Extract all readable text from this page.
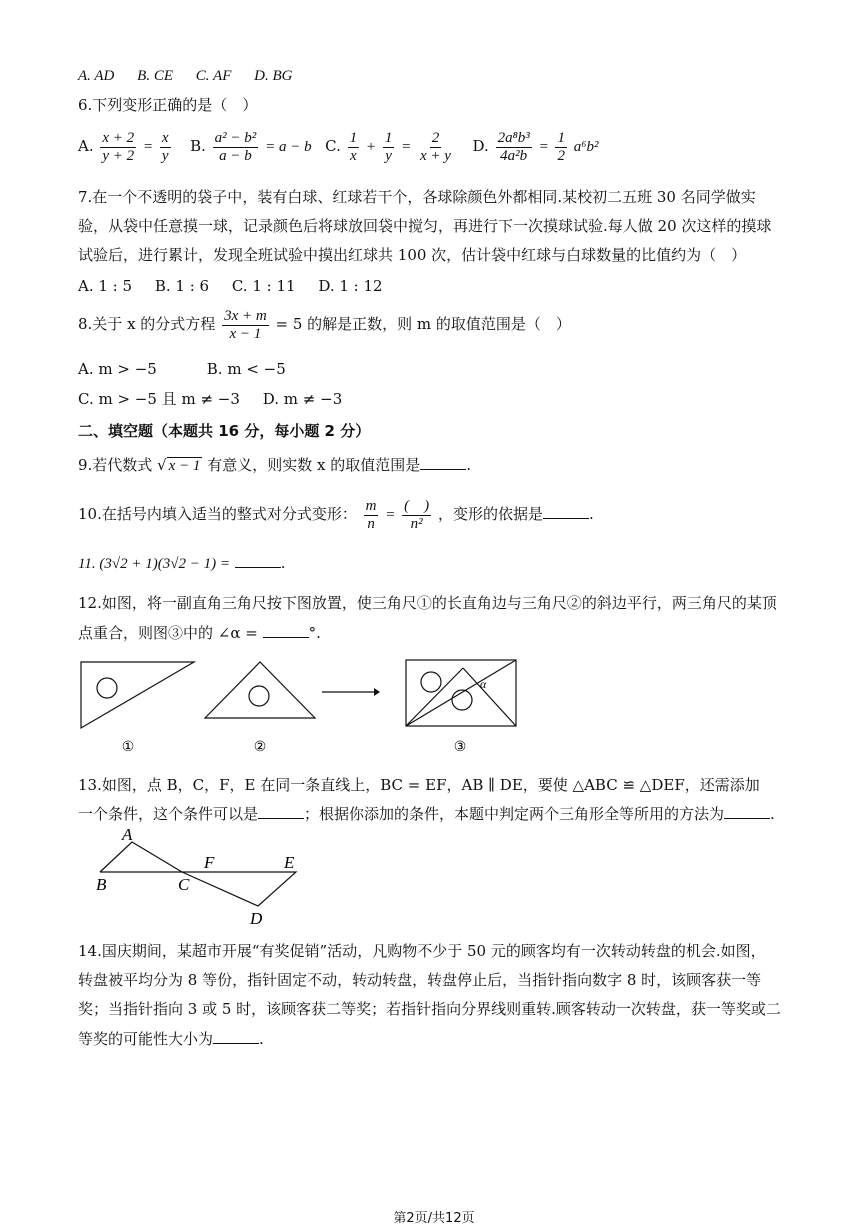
A. AD B. CE C. AF D. BG
6.下列变形正确的是（　）
A. $\frac{x + 2}{y + 2} = \frac{x}{y} B$. $\frac{\text{a² − b²}}{a - b} = a - b$ C. $\frac{1}{x} + \frac{1}{y} = \frac{2}{x + y} D$. $\frac{\text{2a⁸b³}}{\text{4a²b}} = \frac{1}{2} a^6b^2$
7.在一个不透明的袋子中，装有白球、红球若干个，各球除颜色外都相同.某校初二五班 30 名同学做实
验，从袋中任意摸一球，记录颜色后将球放回袋中搅匀，再进行下一次摸球试验.每人做 20 次这样的摸球
试验后，进行累计，发现全班试验中摸出红球共 100 次，估计袋中红球与白球数量的比值约为（　）
A. 1 : 5 B. 1 : 6 C. 1 : 11 D. 1 : 12
8.关于 x 的分式方程 $\frac{3x + m}{x - 1} = 5$ 的解是正数，则 m 的取值范围是（　）
A. m > −5	B. m < −5
C. m > −5 且 m ≠ −3 D. m ≠ −3
二、填空题（本题共 16 分，每小题 2 分）
9.若代数式 √ x − 1 有意义，则实数 x 的取值范围是	.
10.在括号内填入适当的整式对分式变形： $\frac{m}{n} = \frac{( )}{\text{n²}}$ ，变形的依据是	.
11. (3√2 + 1)(3√2 − 1) =	.
12.如图，将一副直角三角尺按下图放置，使三角尺①的长直角边与三角尺②的斜边平行，两三角尺的某顶
点重合，则图③中的 ∠α =	°.
α
①	②	③
13.如图，点 B，C，F，E 在同一条直线上，BC = EF，AB ∥ DE，要使 △ABC ≌ △DEF，还需添加
一个条件，这个条件可以是	；根据你添加的条件，本题中判定两个三角形全等所用的方法为	.
A
B	C
F	E
D
14.国庆期间，某超市开展“有奖促销”活动，凡购物不少于 50 元的顾客均有一次转动转盘的机会.如图，
转盘被平均分为 8 等份，指针固定不动，转动转盘，转盘停止后，当指针指向数字 8 时，该顾客获一等
奖；当指针指向 3 或 5 时，该顾客获二等奖；若指针指向分界线则重转.顾客转动一次转盘，获一等奖或二
等奖的可能性大小为	.
第2页/共12页
